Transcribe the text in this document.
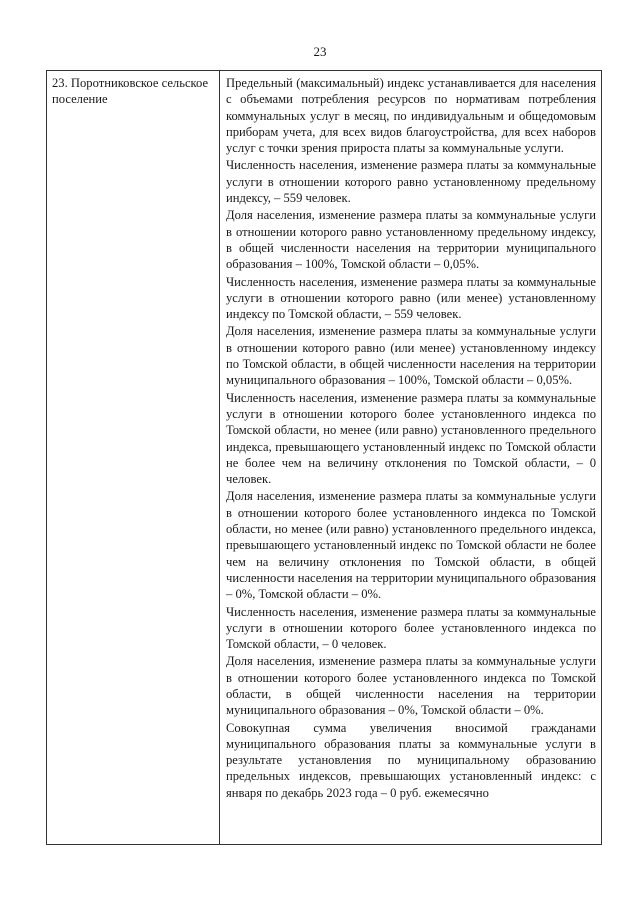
23
23. Поротниковское сельское поселение

Предельный (максимальный) индекс устанавливается для населения с объемами потребления ресурсов по нормативам потребления коммунальных услуг в месяц, по индивидуальным и общедомовым приборам учета, для всех видов благоустройства, для всех наборов услуг с точки зрения прироста платы за коммунальные услуги.

Численность населения, изменение размера платы за коммунальные услуги в отношении которого равно установленному предельному индексу, – 559 человек.

Доля населения, изменение размера платы за коммунальные услуги в отношении которого равно установленному предельному индексу, в общей численности населения на территории муниципального образования – 100%, Томской области – 0,05%.

Численность населения, изменение размера платы за коммунальные услуги в отношении которого равно (или менее) установленному индексу по Томской области, – 559 человек.

Доля населения, изменение размера платы за коммунальные услуги в отношении которого равно (или менее) установленному индексу по Томской области, в общей численности населения на территории муниципального образования – 100%, Томской области – 0,05%.

Численность населения, изменение размера платы за коммунальные услуги в отношении которого более установленного индекса по Томской области, но менее (или равно) установленного предельного индекса, превышающего установленный индекс по Томской области не более чем на величину отклонения по Томской области, – 0 человек.

Доля населения, изменение размера платы за коммунальные услуги в отношении которого более установленного индекса по Томской области, но менее (или равно) установленного предельного индекса, превышающего установленный индекс по Томской области не более чем на величину отклонения по Томской области, в общей численности населения на территории муниципального образования – 0%, Томской области – 0%.

Численность населения, изменение размера платы за коммунальные услуги в отношении которого более установленного индекса по Томской области, – 0 человек.

Доля населения, изменение размера платы за коммунальные услуги в отношении которого более установленного индекса по Томской области, в общей численности населения на территории муниципального образования – 0%, Томской области – 0%.

Совокупная сумма увеличения вносимой гражданами муниципального образования платы за коммунальные услуги в результате установления по муниципальному образованию предельных индексов, превышающих установленный индекс: с января по декабрь 2023 года – 0 руб. ежемесячно
